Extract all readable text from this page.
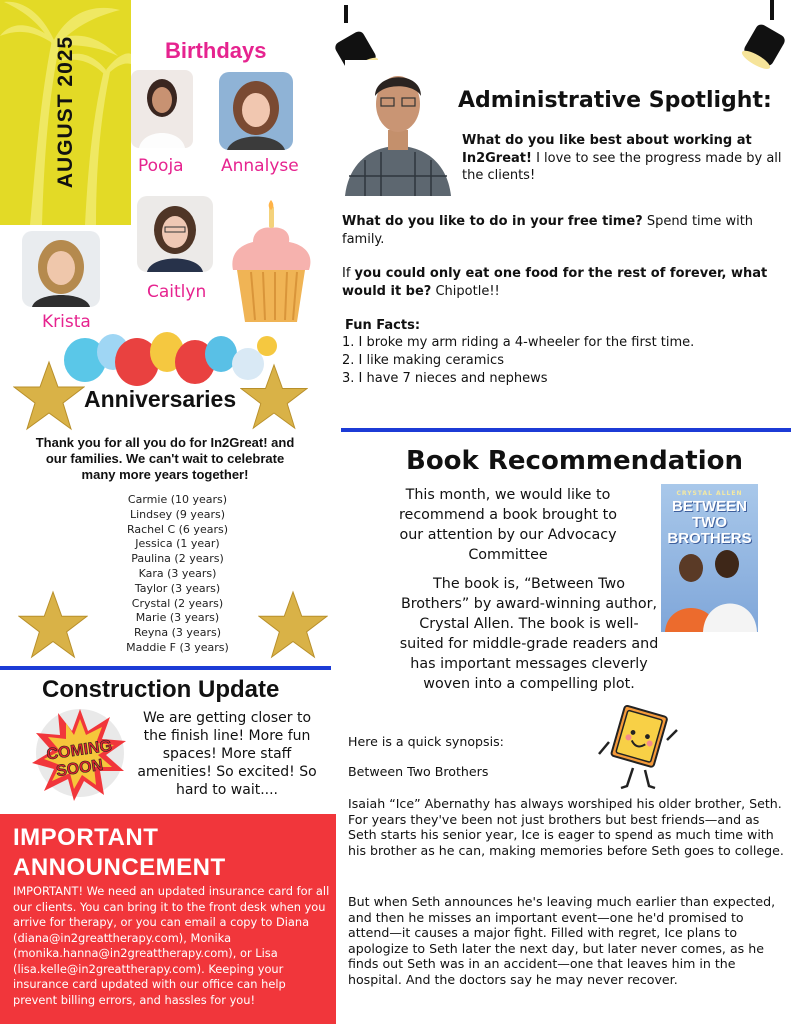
AUGUST 2025	Birthdays
Pooja Annalyse
Caitlyn
Krista
Anniversaries
Thank you for all you do for In2Great! and our families. We can't wait to celebrate many more years together!
Carmie (10 years)
Lindsey (9 years)
Rachel C (6 years)
Jessica (1 year)
Paulina (2 years)
Kara (3 years)
Taylor (3 years)
Crystal (2 years)
Marie (3 years)
Reyna (3 years)
Maddie F (3 years)
Construction Update
COMING
SOON
We are getting closer to the finish line! More fun spaces! More staff amenities! So excited! So hard to wait....
IMPORTANT ANNOUNCEMENT
IMPORTANT! We need an updated insurance card for all our clients. You can bring it to the front desk when you arrive for therapy, or you can email a copy to Diana (diana@in2greattherapy.com), Monika (monika.hanna@in2greattherapy.com), or Lisa (lisa.kelle@in2greattherapy.com). Keeping your insurance card updated with our office can help prevent billing errors, and hassles for you!
Administrative Spotlight:
What do you like best about working at In2Great! I love to see the progress made by all the clients!
What do you like to do in your free time? Spend time with family.
If you could only eat one food for the rest of forever, what would it be? Chipotle!!
Fun Facts:
1. I broke my arm riding a 4-wheeler for the first time.
2. I like making ceramics
3. I have 7 nieces and nephews
Book Recommendation
This month, we would like to recommend a book brought to our attention by our Advocacy Committee
The book is, “Between Two Brothers” by award-winning author, Crystal Allen. The book is well-suited for middle-grade readers and has important messages cleverly woven into a compelling plot.
CRYSTAL ALLEN
BETWEEN TWO BROTHERS
Here is a quick synopsis:
Between Two Brothers
Isaiah “Ice” Abernathy has always worshiped his older brother, Seth. For years they've been not just brothers but best friends—and as Seth starts his senior year, Ice is eager to spend as much time with his brother as he can, making memories before Seth goes to college.
But when Seth announces he's leaving much earlier than expected, and then he misses an important event—one he'd promised to attend—it causes a major fight. Filled with regret, Ice plans to apologize to Seth later the next day, but later never comes, as he finds out Seth was in an accident—one that leaves him in the hospital. And the doctors say he may never recover.
